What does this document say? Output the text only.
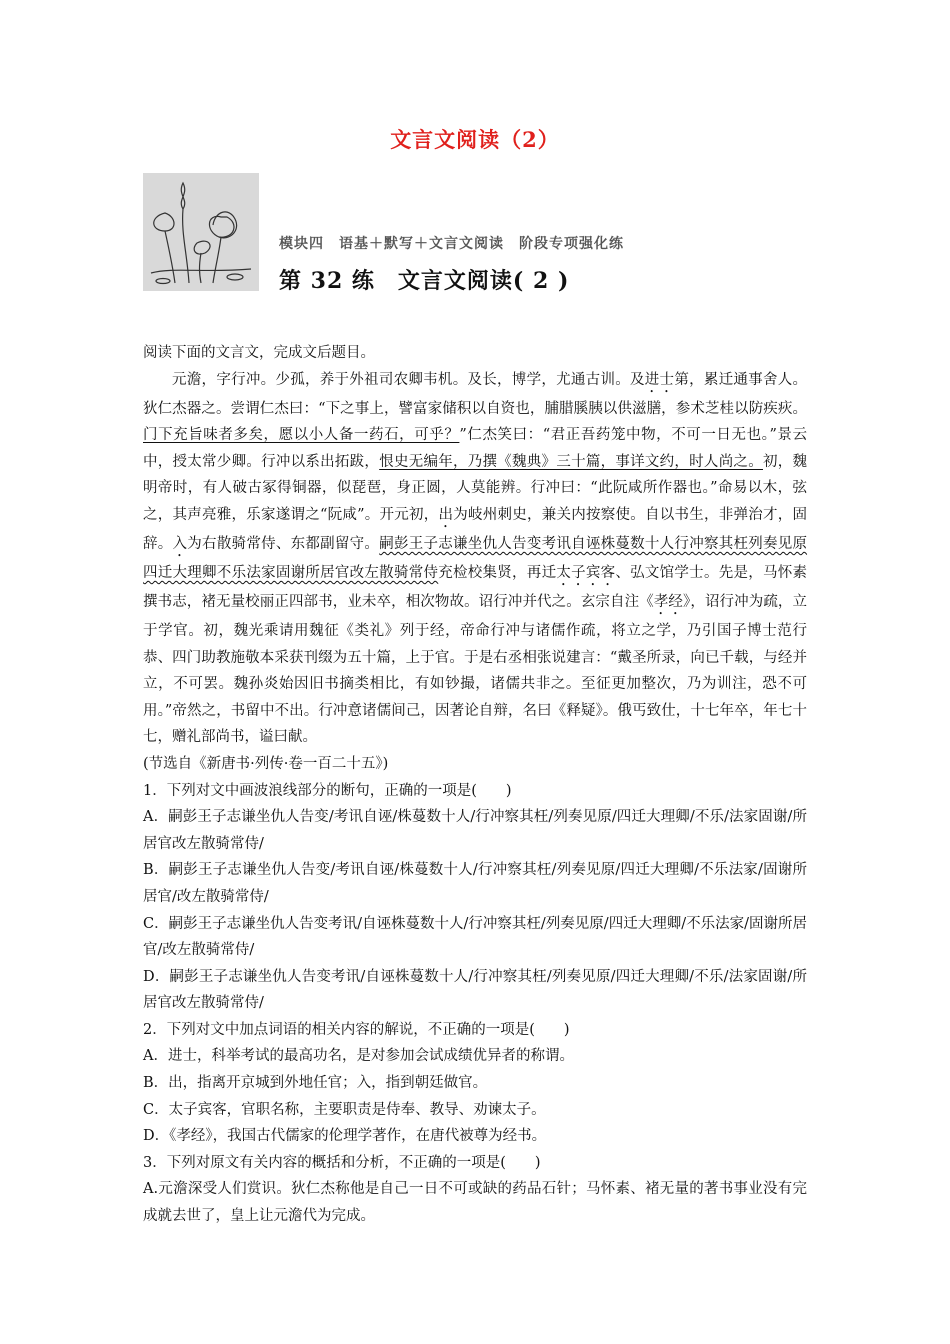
文言文阅读（2）
模块四　语基＋默写＋文言文阅读　阶段专项强化练
第 32 练　文言文阅读( 2 )

阅读下面的文言文，完成文后题目。

元澹，字行冲。少孤，养于外祖司农卿韦机。及长，博学，尤通古训。及进士第，累迁通事舍人。狄仁杰器之。尝谓仁杰曰：“下之事上，譬富家储积以自资也，脯腊膎胰以供滋膳，参术芝桂以防疾疢。门下充旨味者多矣，愿以小人备一药石，可乎？”仁杰笑曰：“君正吾药笼中物，不可一日无也。”景云中，授太常少卿。行冲以系出拓跋，恨史无编年，乃撰《魏典》三十篇，事详文约，时人尚之。初，魏明帝时，有人破古冢得铜器，似琵琶，身正圆，人莫能辨。行冲曰：“此阮咸所作器也。”命易以木，弦之，其声亮雅，乐家遂谓之“阮咸”。开元初，出为岐州刺史，兼关内按察使。自以书生，非弹治才，固辞。入为右散骑常侍、东都副留守。嗣彭王子志谦坐仇人告变考讯自诬株蔓数十人行冲察其枉列奏见原四迁大理卿不乐法家固谢所居官改左散骑常侍充检校集贤，再迁太子宾客、弘文馆学士。先是，马怀素撰书志，褚无量校丽正四部书，业未卒，相次物故。诏行冲并代之。玄宗自注《孝经》，诏行冲为疏，立于学官。初，魏光乘请用魏征《类礼》列于经，帝命行冲与诸儒作疏，将立之学，乃引国子博士范行恭、四门助教施敬本采获刊缀为五十篇，上于官。于是右丞相张说建言：“戴圣所录，向已千载，与经并立，不可罢。魏孙炎始因旧书摘类相比，有如钞撮，诸儒共非之。至征更加整次，乃为训注，恐不可用。”帝然之，书留中不出。行冲意诸儒间己，因著论自辩，名曰《释疑》。俄丐致仕，十七年卒，年七十七，赠礼部尚书，谥曰献。

(节选自《新唐书·列传·卷一百二十五》)

1．下列对文中画波浪线部分的断句，正确的一项是(　　)

A．嗣彭王子志谦坐仇人告变/考讯自诬/株蔓数十人/行冲察其枉/列奏见原/四迁大理卿/不乐/法家固谢/所居官改左散骑常侍/

B．嗣彭王子志谦坐仇人告变/考讯自诬/株蔓数十人/行冲察其枉/列奏见原/四迁大理卿/不乐法家/固谢所居官/改左散骑常侍/

C．嗣彭王子志谦坐仇人告变考讯/自诬株蔓数十人/行冲察其枉/列奏见原/四迁大理卿/不乐法家/固谢所居官/改左散骑常侍/

D．嗣彭王子志谦坐仇人告变考讯/自诬株蔓数十人/行冲察其枉/列奏见原/四迁大理卿/不乐/法家固谢/所居官改左散骑常侍/

2．下列对文中加点词语的相关内容的解说，不正确的一项是(　　)

A．进士，科举考试的最高功名，是对参加会试成绩优异者的称谓。

B．出，指离开京城到外地任官；入，指到朝廷做官。

C．太子宾客，官职名称，主要职责是侍奉、教导、劝谏太子。

D．《孝经》，我国古代儒家的伦理学著作，在唐代被尊为经书。

3．下列对原文有关内容的概括和分析，不正确的一项是(　　)

A.元澹深受人们赏识。狄仁杰称他是自己一日不可或缺的药品石针；马怀素、褚无量的著书事业没有完成就去世了，皇上让元澹代为完成。
